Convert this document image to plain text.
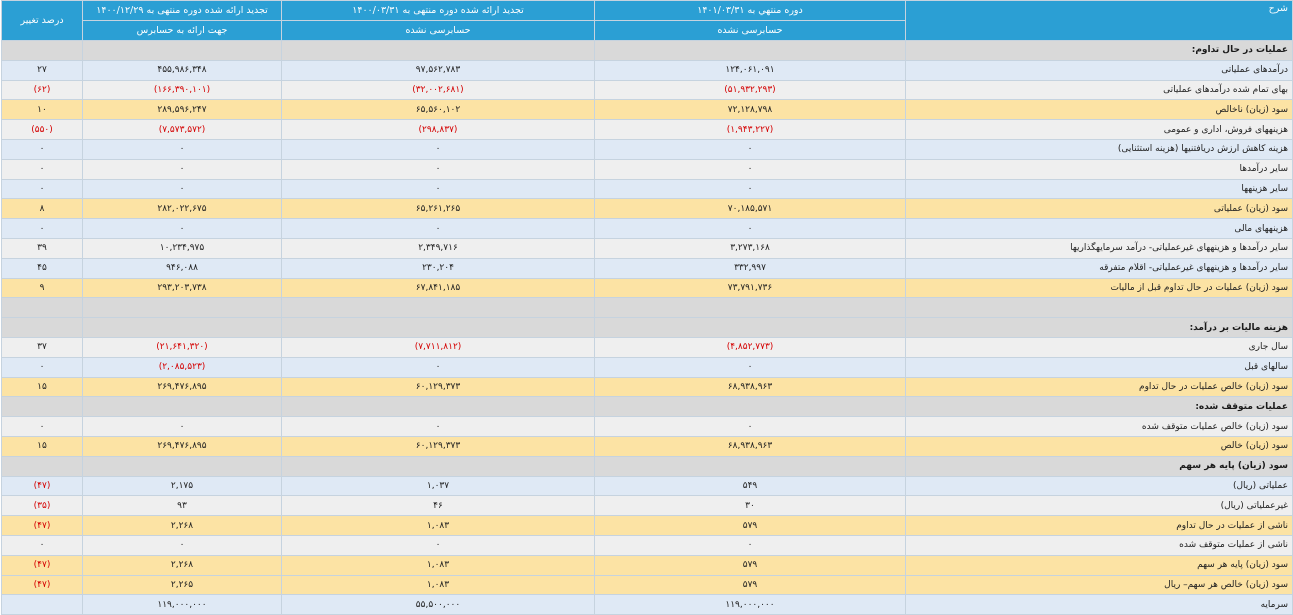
شرح	دوره منتهي به ۱۴۰۱/۰۳/۳۱	تجدید ارائه شده دوره منتهی به ۱۴۰۰/۰۳/۳۱	تجدید ارائه شده دوره منتهی به ۱۴۰۰/۱۲/۲۹	درصد تغییر
	حسابرسی نشده	حسابرسی نشده	جهت ارائه به حسابرس	
عملیات در حال تداوم:				
درآمدهای عملیاتی	۱۲۴,۰۶۱,۰۹۱	۹۷,۵۶۲,۷۸۳	۴۵۵,۹۸۶,۳۴۸	۲۷
بهای تمام شده درآمدهای عملیاتی	(۵۱,۹۳۲,۲۹۳)	(۳۲,۰۰۲,۶۸۱)	(۱۶۶,۳۹۰,۱۰۱)	(۶۲)
سود (زیان) ناخالص	۷۲,۱۲۸,۷۹۸	۶۵,۵۶۰,۱۰۲	۲۸۹,۵۹۶,۲۴۷	۱۰
هزینه‏های فروش، اداری و عمومی	(۱,۹۴۳,۲۲۷)	(۲۹۸,۸۳۷)	(۷,۵۷۳,۵۷۲)	(۵۵۰)
هزینه کاهش ارزش دریافتنی‏ها (هزینه استثنایی)	۰	۰	۰	۰
سایر درآمدها	۰	۰	۰	۰
سایر هزینه‏ها	۰	۰	۰	۰
سود (زیان) عملیاتی	۷۰,۱۸۵,۵۷۱	۶۵,۲۶۱,۲۶۵	۲۸۲,۰۲۲,۶۷۵	۸
هزینه‏های مالی	۰	۰	۰	۰
سایر درآمدها و هزینه‏های غیرعملیاتی- درآمد سرمایه‏گذاری‏ها	۳,۲۷۳,۱۶۸	۲,۳۴۹,۷۱۶	۱۰,۲۳۴,۹۷۵	۳۹
سایر درآمدها و هزینه‏های غیرعملیاتی- اقلام متفرقه	۳۳۲,۹۹۷	۲۳۰,۲۰۴	۹۴۶,۰۸۸	۴۵
سود (زیان) عملیات در حال تداوم قبل از مالیات	۷۳,۷۹۱,۷۳۶	۶۷,۸۴۱,۱۸۵	۲۹۳,۲۰۳,۷۳۸	۹

هزینه مالیات بر درآمد:				
سال جاری	(۴,۸۵۲,۷۷۳)	(۷,۷۱۱,۸۱۲)	(۲۱,۶۴۱,۳۲۰)	۳۷
سال‏های قبل	۰	۰	(۲,۰۸۵,۵۲۳)	۰
سود (زیان) خالص عملیات در حال تداوم	۶۸,۹۳۸,۹۶۳	۶۰,۱۲۹,۳۷۳	۲۶۹,۴۷۶,۸۹۵	۱۵
عملیات متوقف شده:				
سود (زیان) خالص عملیات متوقف شده	۰	۰	۰	۰
سود (زیان) خالص	۶۸,۹۳۸,۹۶۳	۶۰,۱۲۹,۳۷۳	۲۶۹,۴۷۶,۸۹۵	۱۵
سود (زیان) پایه هر سهم				
عملیاتی (ریال)	۵۴۹	۱,۰۳۷	۲,۱۷۵	(۴۷)
غیرعملیاتی (ریال)	۳۰	۴۶	۹۳	(۳۵)
ناشی از عملیات در حال تداوم	۵۷۹	۱,۰۸۳	۲,۲۶۸	(۴۷)
ناشی از عملیات متوقف شده	۰	۰	۰	۰
سود (زیان) پایه هر سهم	۵۷۹	۱,۰۸۳	۲,۲۶۸	(۴۷)
سود (زیان) خالص هر سهم– ریال	۵۷۹	۱,۰۸۳	۲,۲۶۵	(۴۷)
سرمایه	۱۱۹,۰۰۰,۰۰۰	۵۵,۵۰۰,۰۰۰	۱۱۹,۰۰۰,۰۰۰	
